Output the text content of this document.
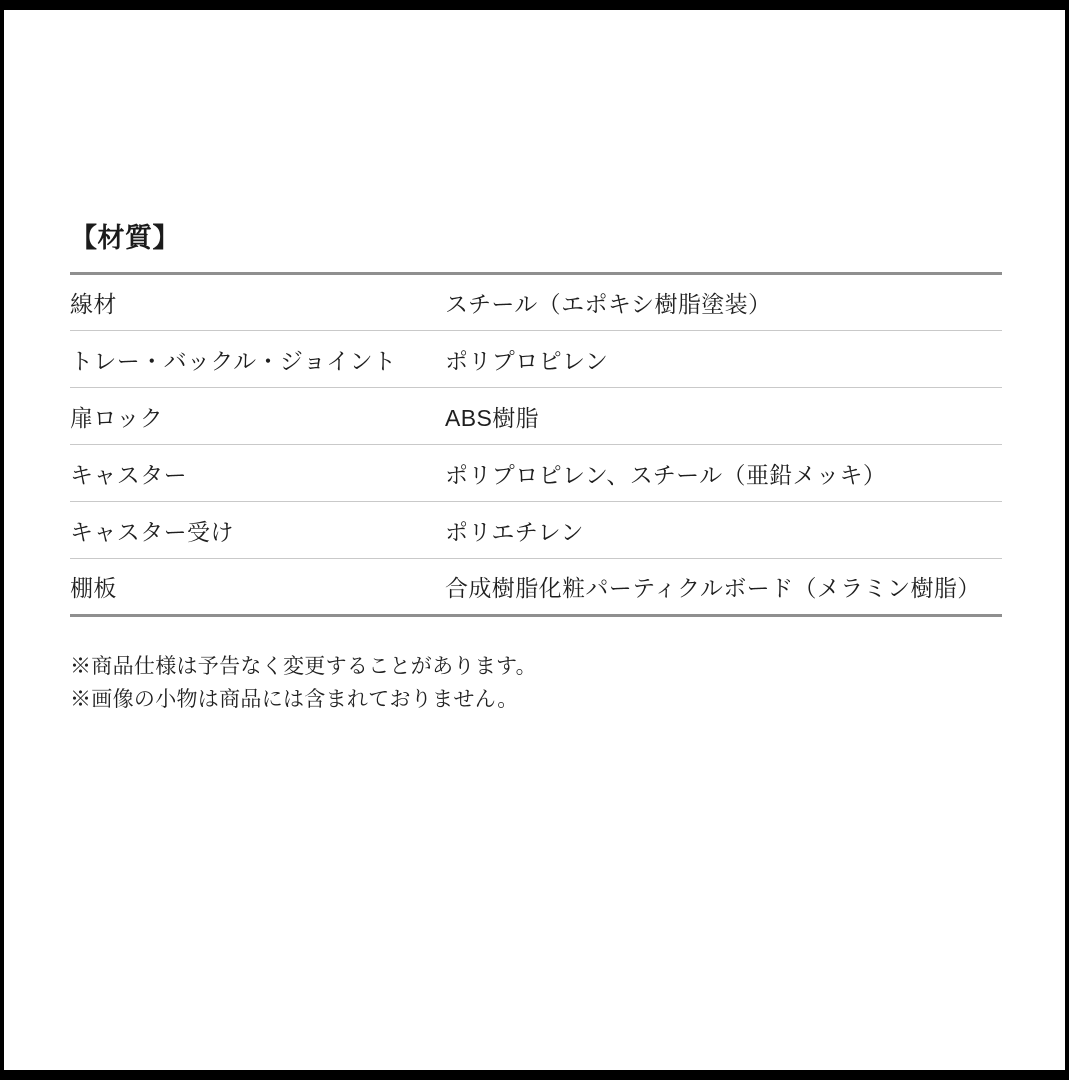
【材質】
線材	スチール（エポキシ樹脂塗装）
トレー・バックル・ジョイント	ポリプロピレン
扉ロック	ABS樹脂
キャスター	ポリプロピレン、スチール（亜鉛メッキ）
キャスター受け	ポリエチレン
棚板	合成樹脂化粧パーティクルボード（メラミン樹脂）
※商品仕様は予告なく変更することがあります。
※画像の小物は商品には含まれておりません。
